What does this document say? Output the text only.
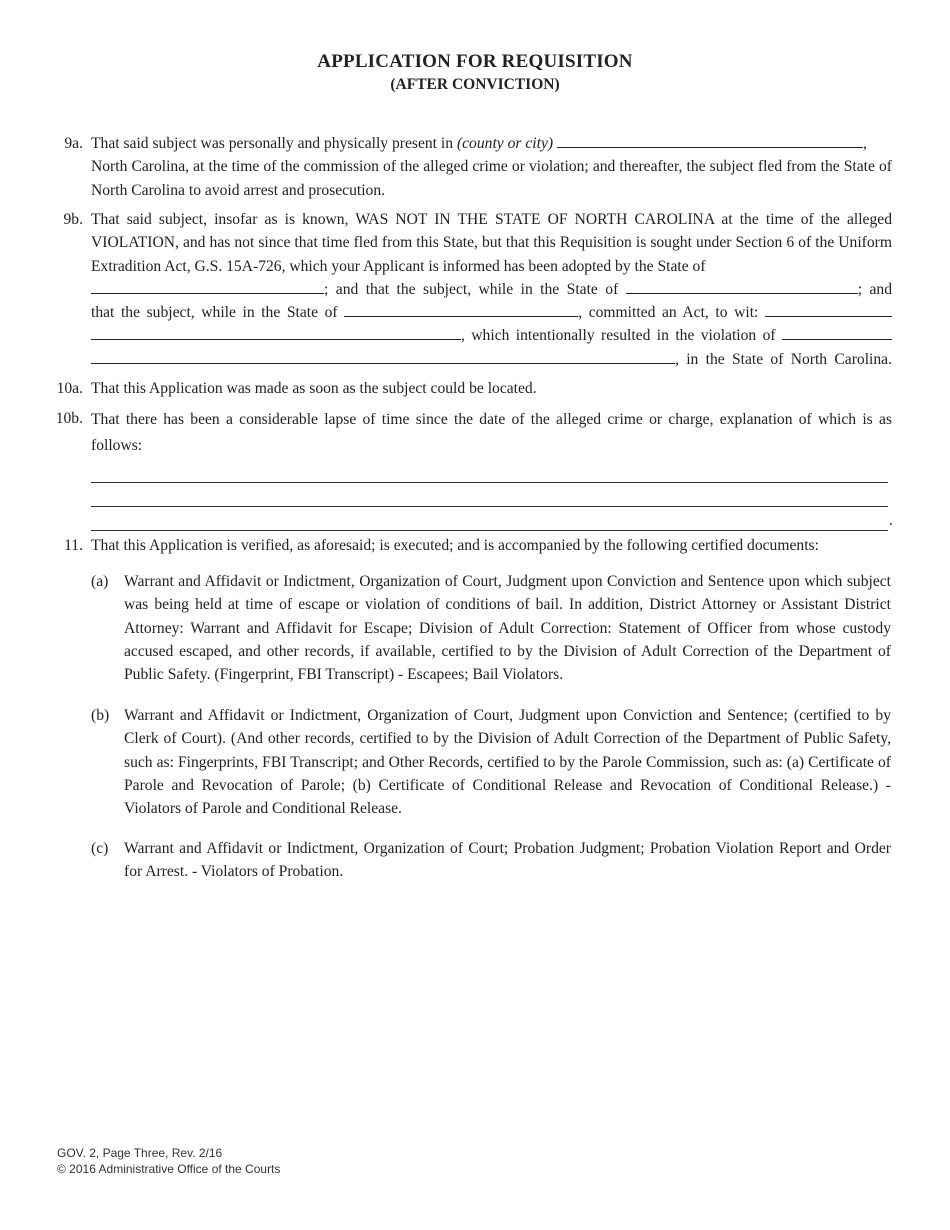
APPLICATION FOR REQUISITION
(AFTER CONVICTION)
9a. That said subject was personally and physically present in (county or city)	,
North Carolina, at the time of the commission of the alleged crime or violation; and thereafter, the subject fled from the State of North Carolina to avoid arrest and prosecution.
9b. That said subject, insofar as is known, WAS NOT IN THE STATE OF NORTH CAROLINA at the time of the alleged VIOLATION, and has not since that time fled from this State, but that this Requisition is sought under Section 6 of the Uniform Extradition Act, G.S. 15A-726, which your Applicant is informed has been adopted by the State of
; and that the subject, while in the State of	; and
that the subject, while in the State of	, committed an Act, to wit:
, which intentionally resulted in the violation of
, in the State of North Carolina.
10a. That this Application was made as soon as the subject could be located.
10b. That there has been a considerable lapse of time since the date of the alleged crime or charge, explanation of which is as follows:
.
11. That this Application is verified, as aforesaid; is executed; and is accompanied by the following certified documents:
(a) Warrant and Affidavit or Indictment, Organization of Court, Judgment upon Conviction and Sentence upon which subject was being held at time of escape or violation of conditions of bail. In addition, District Attorney or Assistant District Attorney: Warrant and Affidavit for Escape; Division of Adult Correction: Statement of Officer from whose custody accused escaped, and other records, if available, certified to by the Division of Adult Correction of the Department of Public Safety. (Fingerprint, FBI Transcript) - Escapees; Bail Violators.
(b) Warrant and Affidavit or Indictment, Organization of Court, Judgment upon Conviction and Sentence; (certified to by Clerk of Court). (And other records, certified to by the Division of Adult Correction of the Department of Public Safety, such as: Fingerprints, FBI Transcript; and Other Records, certified to by the Parole Commission, such as: (a) Certificate of Parole and Revocation of Parole; (b) Certificate of Conditional Release and Revocation of Conditional Release.) - Violators of Parole and Conditional Release.
(c) Warrant and Affidavit or Indictment, Organization of Court; Probation Judgment; Probation Violation Report and Order for Arrest. - Violators of Probation.
GOV. 2, Page Three, Rev. 2/16
© 2016 Administrative Office of the Courts
